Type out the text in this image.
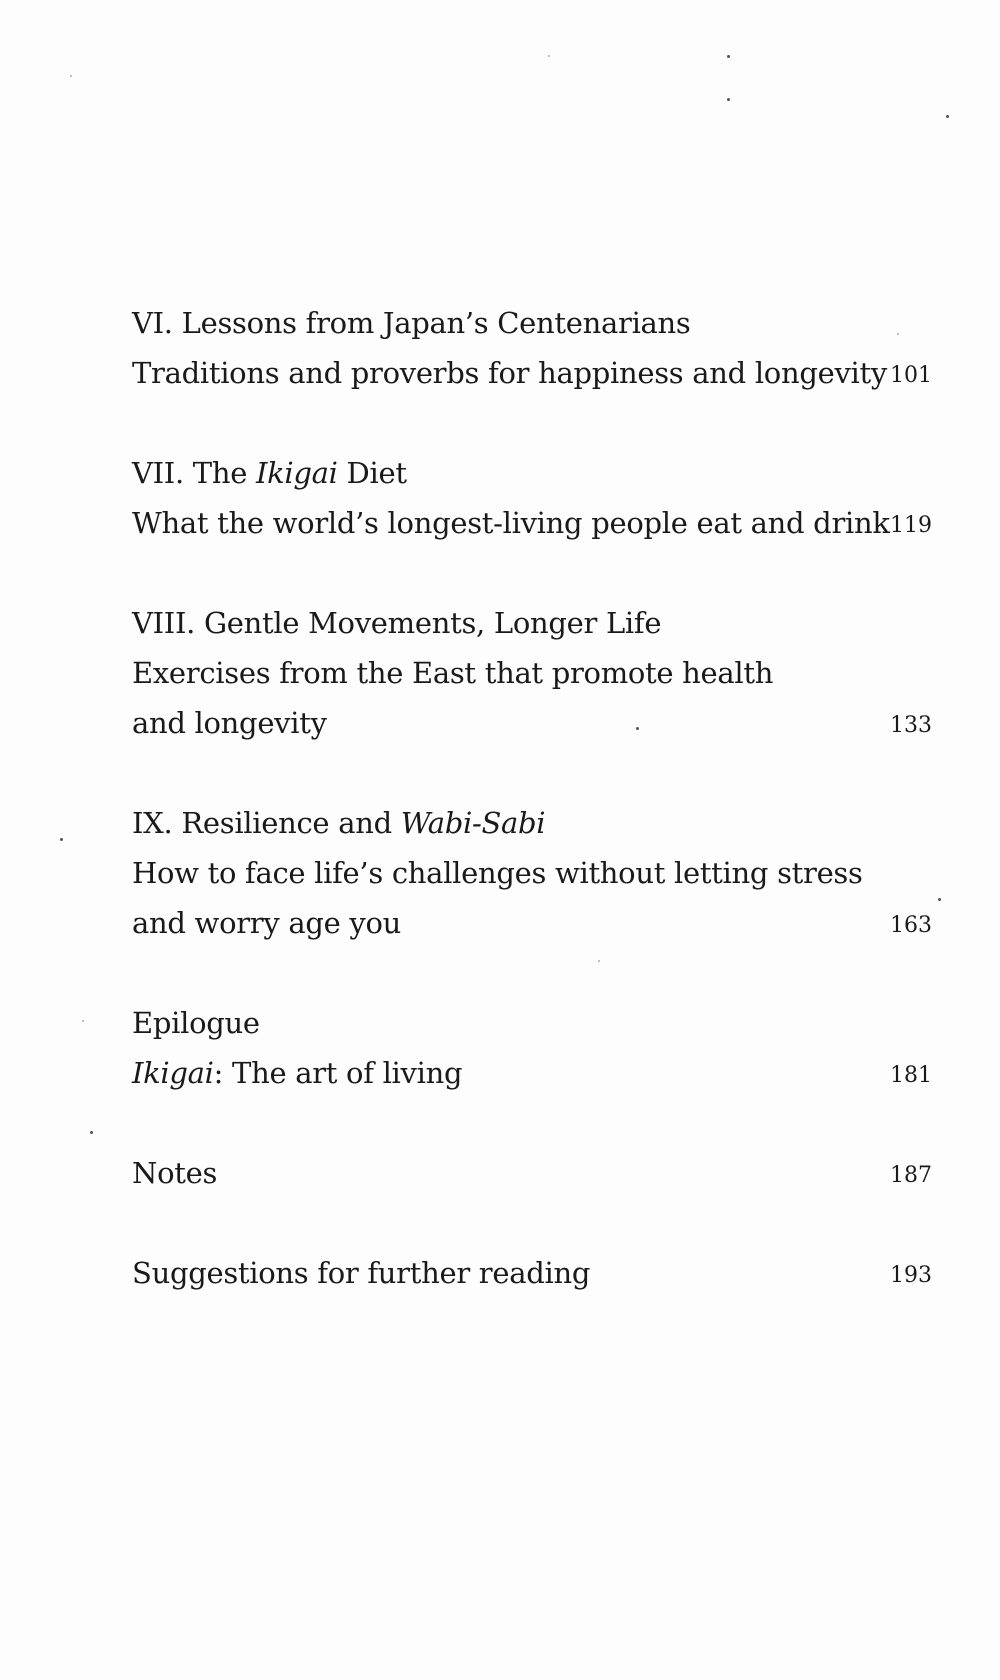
VI. Lessons from Japan’s Centenarians
Traditions and proverbs for happiness and longevity 101
VII. The Ikigai Diet
What the world’s longest-living people eat and drink 119
VIII. Gentle Movements, Longer Life
Exercises from the East that promote health
and longevity	133
IX. Resilience and Wabi-Sabi
How to face life’s challenges without letting stress
and worry age you	163
Epilogue
Ikigai: The art of living	181
Notes	187
Suggestions for further reading	193
